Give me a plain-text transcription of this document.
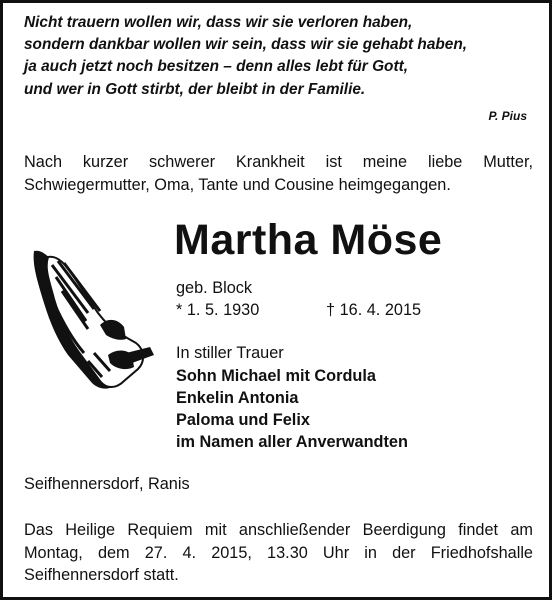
Nicht trauern wollen wir, dass wir sie verloren haben,
sondern dankbar wollen wir sein, dass wir sie gehabt haben,
ja auch jetzt noch besitzen – denn alles lebt für Gott,
und wer in Gott stirbt, der bleibt in der Familie.
P. Pius
Nach kurzer schwerer Krankheit ist meine liebe Mutter,
Schwiegermutter, Oma, Tante und Cousine heimgegangen.
Martha Möse
geb. Block
* 1. 5. 1930	† 16. 4. 2015
In stiller Trauer
Sohn Michael mit Cordula
Enkelin Antonia
Paloma und Felix
im Namen aller Anverwandten
Seifhennersdorf, Ranis
Das Heilige Requiem mit anschließender Beerdigung findet am
Montag, dem 27. 4. 2015, 13.30 Uhr in der Friedhofshalle
Seifhennersdorf statt.
